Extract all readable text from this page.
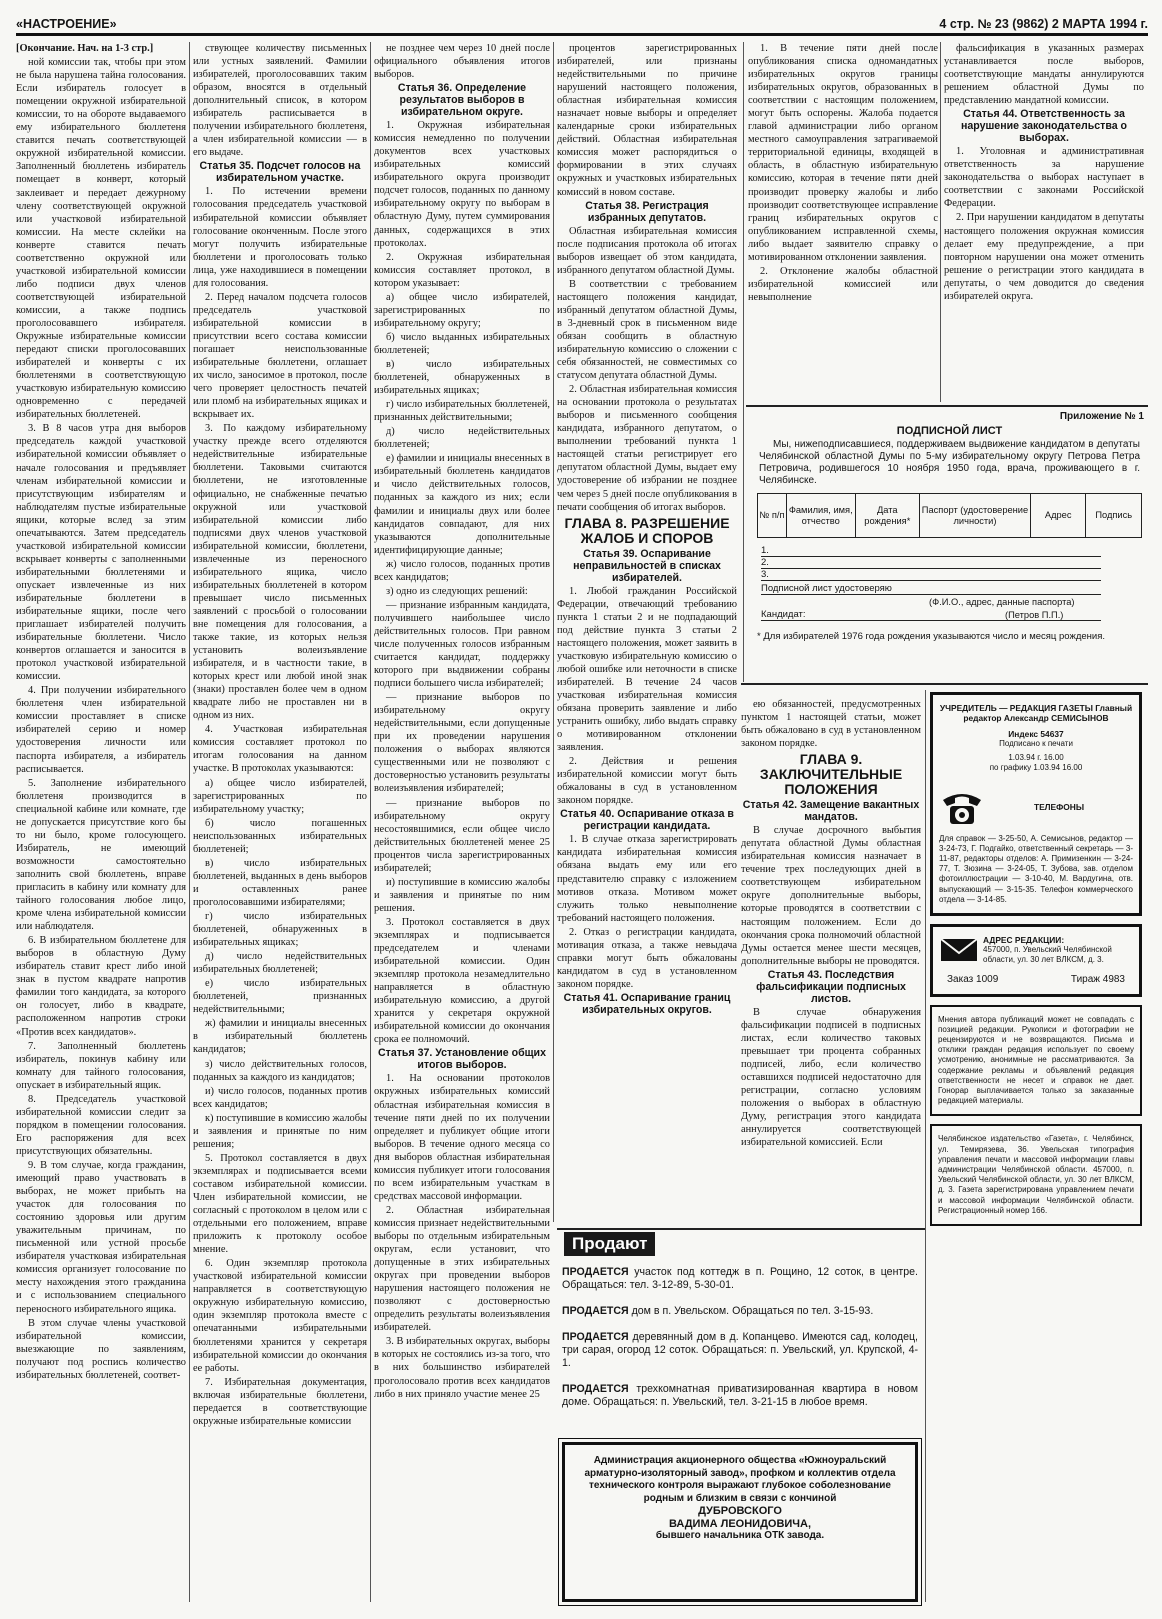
«НАСТРОЕНИЕ»	4 стр. № 23 (9862) 2 МАРТА 1994 г.

[Окончание. Нач. на 1-3 стр.]

ной комиссии так, чтобы при этом не была нарушена тайна голосования. Если избиратель голосует в помещении окружной избирательной комиссии, то на обороте выдаваемого ему избирательного бюллетеня ставится печать соответствующей окружной избирательной комиссии. Заполненный бюллетень избиратель помещает в конверт, который заклеивает и передает дежурному члену соответствующей окружной или участковой избирательной комиссии. На месте склейки на конверте ставится печать соответственно окружной или участковой избирательной комиссии либо подписи двух членов соответствующей избирательной комиссии, а также подпись проголосовавшего избирателя. Окружные избирательные комиссии передают списки проголосовавших избирателей и конверты с их бюллетенями в соответствующую участковую избирательную комиссию одновременно с передачей избирательных бюллетеней.

3. В 8 часов утра дня выборов председатель каждой участковой избирательной комиссии объявляет о начале голосования и предъявляет членам избирательной комиссии и присутствующим избирателям и наблюдателям пустые избирательные ящики, которые вслед за этим опечатываются. Затем председатель участковой избирательной комиссии вскрывает конверты с заполненными избирательными бюллетенями и опускает извлеченные из них избирательные бюллетени в избирательные ящики, после чего приглашает избирателей получить избирательные бюллетени. Число конвертов оглашается и заносится в протокол участковой избирательной комиссии.

4. При получении избирательного бюллетеня член избирательной комиссии проставляет в списке избирателей серию и номер удостоверения личности или паспорта избирателя, а избиратель расписывается.

5. Заполнение избирательного бюллетеня производится в специальной кабине или комнате, где не допускается присутствие кого бы то ни было, кроме голосующего. Избиратель, не имеющий возможности самостоятельно заполнить свой бюллетень, вправе пригласить в кабину или комнату для тайного голосования любое лицо, кроме члена избирательной комиссии или наблюдателя.

6. В избирательном бюллетене для выборов в областную Думу избиратель ставит крест либо иной знак в пустом квадрате напротив фамилии того кандидата, за которого он голосует, либо в квадрате, расположенном напротив строки «Против всех кандидатов».

7. Заполненный бюллетень избиратель, покинув кабину или комнату для тайного голосования, опускает в избирательный ящик.

8. Председатель участковой избирательной комиссии следит за порядком в помещении голосования. Его распоряжения для всех присутствующих обязательны.

9. В том случае, когда гражданин, имеющий право участвовать в выборах, не может прибыть на участок для голосования по состоянию здоровья или другим уважительным причинам, по письменной или устной просьбе избирателя участковая избирательная комиссия организует голосование по месту нахождения этого гражданина и с использованием специального переносного избирательного ящика.

В этом случае члены участковой избирательной комиссии, выезжающие по заявлениям, получают под роспись количество избирательных бюллетеней, соответ-

ствующее количеству письменных или устных заявлений. Фамилии избирателей, проголосовавших таким образом, вносятся в отдельный дополнительный список, в котором избиратель расписывается в получении избирательного бюллетеня, а член избирательной комиссии — в его выдаче.

Статья 35. Подсчет голосов на избирательном участке.

1. По истечении времени голосования председатель участковой избирательной комиссии объявляет голосование оконченным. После этого могут получить избирательные бюллетени и проголосовать только лица, уже находившиеся в помещении для голосования.

2. Перед началом подсчета голосов председатель участковой избирательной комиссии в присутствии всего состава комиссии погашает неиспользованные избирательные бюллетени, оглашает их число, заносимое в протокол, после чего проверяет целостность печатей или пломб на избирательных ящиках и вскрывает их.

3. По каждому избирательному участку прежде всего отделяются недействительные избирательные бюллетени. Таковыми считаются бюллетени, не изготовленные официально, не снабженные печатью окружной или участковой избирательной комиссии либо подписями двух членов участковой избирательной комиссии, бюллетени, извлеченные из переносного избирательного ящика, число избирательных бюллетеней в котором превышает число письменных заявлений с просьбой о голосовании вне помещения для голосования, а также такие, из которых нельзя установить волеизъявление избирателя, и в частности такие, в которых крест или любой иной знак (знаки) проставлен более чем в одном квадрате либо не проставлен ни в одном из них.

4. Участковая избирательная комиссия составляет протокол по итогам голосования на данном участке. В протоколах указываются:

а) общее число избирателей, зарегистрированных по избирательному участку;

б) число погашенных неиспользованных избирательных бюллетеней;

в) число избирательных бюллетеней, выданных в день выборов и оставленных ранее проголосовавшими избирателями;

г) число избирательных бюллетеней, обнаруженных в избирательных ящиках;

д) число недействительных избирательных бюллетеней;

е) число избирательных бюллетеней, признанных недействительными;

ж) фамилии и инициалы внесенных в избирательный бюллетень кандидатов;

з) число действительных голосов, поданных за каждого из кандидатов;

и) число голосов, поданных против всех кандидатов;

к) поступившие в комиссию жалобы и заявления и принятые по ним решения;

5. Протокол составляется в двух экземплярах и подписывается всеми составом избирательной комиссии. Член избирательной комиссии, не согласный с протоколом в целом или с отдельными его положением, вправе приложить к протоколу особое мнение.

6. Один экземпляр протокола участковой избирательной комиссии направляется в соответствующую окружную избирательную комиссию, один экземпляр протокола вместе с опечатанными избирательными бюллетенями хранится у секретаря избирательной комиссии до окончания ее работы.

7. Избирательная документация, включая избирательные бюллетени, передается в соответствующие окружные избирательные комиссии

не позднее чем через 10 дней после официального объявления итогов выборов.

Статья 36. Определение результатов выборов в избирательном округе.

1. Окружная избирательная комиссия немедленно по получении документов всех участковых избирательных комиссий избирательного округа производит подсчет голосов, поданных по данному избирательному округу по выборам в областную Думу, путем суммирования данных, содержащихся в этих протоколах.

2. Окружная избирательная комиссия составляет протокол, в котором указывает:

а) общее число избирателей, зарегистрированных по избирательному округу;

б) число выданных избирательных бюллетеней;

в) число избирательных бюллетеней, обнаруженных в избирательных ящиках;

г) число избирательных бюллетеней, признанных действительными;

д) число недействительных бюллетеней;

е) фамилии и инициалы внесенных в избирательный бюллетень кандидатов и число действительных голосов, поданных за каждого из них; если фамилии и инициалы двух или более кандидатов совпадают, для них указываются дополнительные идентифицирующие данные;

ж) число голосов, поданных против всех кандидатов;

з) одно из следующих решений:

— признание избранным кандидата, получившего наибольшее число действительных голосов. При равном числе полученных голосов избранным считается кандидат, поддержку которого при выдвижении собраны подписи большего числа избирателей;

— признание выборов по избирательному округу недействительными, если допущенные при их проведении нарушения положения о выборах являются существенными или не позволяют с достоверностью установить результаты волеизъявления избирателей;

— признание выборов по избирательному округу несостоявшимися, если общее число действительных бюллетеней менее 25 процентов числа зарегистрированных избирателей;

и) поступившие в комиссию жалобы и заявления и принятые по ним решения.

3. Протокол составляется в двух экземплярах и подписывается председателем и членами избирательной комиссии. Один экземпляр протокола незамедлительно направляется в областную избирательную комиссию, а другой хранится у секретаря окружной избирательной комиссии до окончания срока ее полномочий.

Статья 37. Установление общих итогов выборов.

1. На основании протоколов окружных избирательных комиссий областная избирательная комиссия в течение пяти дней по их получении определяет и публикует общие итоги выборов. В течение одного месяца со дня выборов областная избирательная комиссия публикует итоги голосования по всем избирательным участкам в средствах массовой информации.

2. Областная избирательная комиссия признает недействительными выборы по отдельным избирательным округам, если установит, что допущенные в этих избирательных округах при проведении выборов нарушения настоящего положения не позволяют с достоверностью определить результаты волеизъявления избирателей.

3. В избирательных округах, выборы в которых не состоялись из-за того, что в них большинство избирателей проголосовало против всех кандидатов либо в них приняло участие менее 25

процентов зарегистрированных избирателей, или признаны недействительными по причине нарушений настоящего положения, областная избирательная комиссия назначает новые выборы и определяет календарные сроки избирательных действий. Областная избирательная комиссия может распорядиться о формировании в этих случаях окружных и участковых избирательных комиссий в новом составе.

Статья 38. Регистрация избранных депутатов.

Областная избирательная комиссия после подписания протокола об итогах выборов извещает об этом кандидата, избранного депутатом областной Думы.

В соответствии с требованием настоящего положения кандидат, избранный депутатом областной Думы, в 3-дневный срок в письменном виде обязан сообщить в областную избирательную комиссию о сложении с себя обязанностей, не совместимых со статусом депутата областной Думы.

2. Областная избирательная комиссия на основании протокола о результатах выборов и письменного сообщения кандидата, избранного депутатом, о выполнении требований пункта 1 настоящей статьи регистрирует его депутатом областной Думы, выдает ему удостоверение об избрании не позднее чем через 5 дней после опубликования в печати сообщения об итогах выборов.

ГЛАВА 8. РАЗРЕШЕНИЕ ЖАЛОБ И СПОРОВ
Статья 39. Оспаривание неправильностей в списках избирателей.

1. Любой гражданин Российской Федерации, отвечающий требованию пункта 1 статьи 2 и не подпадающий под действие пункта 3 статьи 2 настоящего положения, может заявить в участковую избирательную комиссию о любой ошибке или неточности в списке избирателей. В течение 24 часов участковая избирательная комиссия обязана проверить заявление и либо устранить ошибку, либо выдать справку о мотивированном отклонении заявления.

2. Действия и решения избирательной комиссии могут быть обжалованы в суд в установленном законом порядке.

Статья 40. Оспаривание отказа в регистрации кандидата.

1. В случае отказа зарегистрировать кандидата избирательная комиссия обязана выдать ему или его представителю справку с изложением мотивов отказа. Мотивом может служить только невыполнение требований настоящего положения.

2. Отказ о регистрации кандидата, мотивация отказа, а также невыдача справки могут быть обжалованы кандидатом в суд в установленном законом порядке.

Статья 41. Оспаривание границ избирательных округов.

1. В течение пяти дней после опубликования списка одномандатных избирательных округов границы избирательных округов, образованных в соответствии с настоящим положением, могут быть оспорены. Жалоба подается главой администрации либо органом местного самоуправления затрагиваемой территориальной единицы, входящей в область, в областную избирательную комиссию, которая в течение пяти дней производит проверку жалобы и либо производит соответствующее исправление границ избирательных округов с опубликованием исправленной схемы, либо выдает заявителю справку о мотивированном отклонении заявления.

2. Отклонение жалобы областной избирательной комиссией или невыполнение

фальсификация в указанных размерах устанавливается после выборов, соответствующие мандаты аннулируются решением областной Думы по представлению мандатной комиссии.

Статья 44. Ответственность за нарушение законодательства о выборах.

1. Уголовная и административная ответственность за нарушение законодательства о выборах наступает в соответствии с законами Российской Федерации.

2. При нарушении кандидатом в депутаты настоящего положения окружная комиссия делает ему предупреждение, а при повторном нарушении она может отменить решение о регистрации этого кандидата в депутаты, о чем доводится до сведения избирателей округа.

ею обязанностей, предусмотренных пунктом 1 настоящей статьи, может быть обжаловано в суд в установленном законом порядке.

ГЛАВА 9. ЗАКЛЮЧИТЕЛЬНЫЕ ПОЛОЖЕНИЯ
Статья 42. Замещение вакантных мандатов.

В случае досрочного выбытия депутата областной Думы областная избирательная комиссия назначает в течение трех последующих дней в соответствующем избирательном округе дополнительные выборы, которые проводятся в соответствии с настоящим положением. Если до окончания срока полномочий областной Думы остается менее шести месяцев, дополнительные выборы не проводятся.

Статья 43. Последствия фальсификации подписных листов.

В случае обнаружения фальсификации подписей в подписных листах, если количество таковых превышает три процента собранных подписей, либо, если количество оставшихся подписей недостаточно для регистрации, согласно условиям положения о выборах в областную Думу, регистрация этого кандидата аннулируется соответствующей избирательной комиссией. Если

Приложение № 1
ПОДПИСНОЙ ЛИСТ
Мы, нижеподписавшиеся, поддерживаем выдвижение кандидатом в депутаты Челябинской областной Думы по 5-му избирательному округу Петрова Петра Петровича, родившегося 10 ноября 1950 года, врача, проживающего в г. Челябинске.
№ п/п	Фамилия, имя, отчество	Дата рождения*	Паспорт (удостоверение личности)	Адрес	Подпись
1.
2.
3.
Подписной лист удостоверяю
(Ф.И.О., адрес, данные паспорта)
Кандидат:	(Петров П.П.)
* Для избирателей 1976 года рождения указываются число и месяц рождения.
УЧРЕДИТЕЛЬ — РЕДАКЦИЯ ГАЗЕТЫ Главный редактор Александр СЕМИСЫНОВ
Индекс 54637
Подписано к печати
1.03.94 г. 16.00
по графику 1.03.94 16.00
ТЕЛЕФОНЫ
Для справок — 3-25-50, А. Семисынов, редактор — 3-24-73, Г. Подгайко, ответственный секретарь — 3-11-87, редакторы отделов: А. Примизенкин — 3-24-77, Т. Зюзина — 3-24-05, Т. Зубова, зав. отделом фотоиллюстрации — 3-10-40, М. Вардугина, отв. выпускающий — 3-15-35. Телефон коммерческого отдела — 3-14-85.
АДРЕС РЕДАКЦИИ:
457000, п. Увельский Челябинской области, ул. 30 лет ВЛКСМ, д. 3.
Заказ 1009	Тираж 4983
Мнения автора публикаций может не совпадать с позицией редакции. Рукописи и фотографии не рецензируются и не возвращаются. Письма и отклики граждан редакция использует по своему усмотрению, анонимные не рассматриваются. За содержание рекламы и объявлений редакция ответственности не несет и справок не дает. Гонорар выплачивается только за заказанные редакцией материалы.
Челябинское издательство «Газета», г. Челябинск, ул. Темирязева, 36. Увельская типография управления печати и массовой информации главы администрации Челябинской области. 457000, п. Увельский Челябинской области, ул. 30 лет ВЛКСМ, д. 3. Газета зарегистрирована управлением печати и массовой информации Челябинской области. Регистрационный номер 166.
Продают

ПРОДАЕТСЯ участок под коттедж в п. Рощино, 12 соток, в центре. Обращаться: тел. 3-12-89, 5-30-01.

ПРОДАЕТСЯ дом в п. Увельском. Обращаться по тел. 3-15-93.

ПРОДАЕТСЯ деревянный дом в д. Копанцево. Имеются сад, колодец, три сарая, огород 12 соток. Обращаться: п. Увельский, ул. Крупской, 4-1.

ПРОДАЕТСЯ трехкомнатная приватизированная квартира в новом доме. Обращаться: п. Увельский, тел. 3-21-15 в любое время.

Администрация акционерного общества «Южноуральский арматурно-изоляторный завод», профком и коллектив отдела технического контроля выражают глубокое соболезнование родным и близким в связи с кончиной
ДУБРОВСКОГО
ВАДИМА ЛЕОНИДОВИЧА,
бывшего начальника ОТК завода.
